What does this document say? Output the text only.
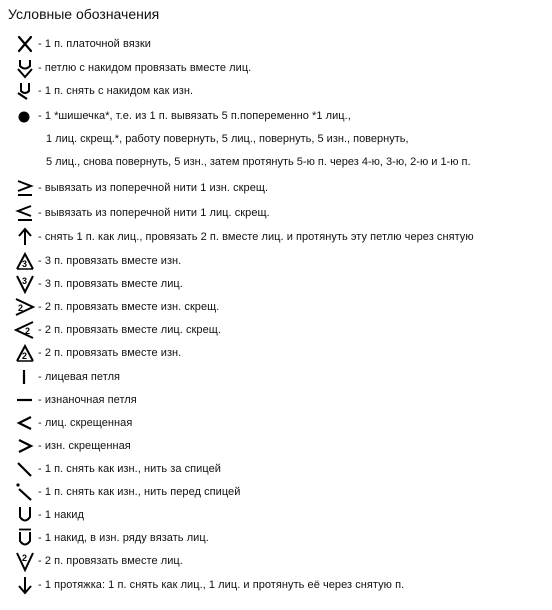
Условные обозначения
- 1 п. платочной вязки
- петлю с накидом провязать вместе лиц.
- 1 п. снять с накидом как изн.
- 1 *шишечка*, т.е. из 1 п. вывязать 5 п.попеременно *1 лиц.,
1 лиц. скрещ.*, работу повернуть, 5 лиц., повернуть, 5 изн., повернуть,
5 лиц., снова повернуть, 5 изн., затем протянуть 5-ю п. через 4-ю, 3-ю, 2-ю и 1-ю п.
- вывязать из поперечной нити 1 изн. скрещ.
- вывязать из поперечной нити 1 лиц. скрещ.
- снять 1 п. как лиц., провязать 2 п. вместе лиц. и протянуть эту петлю через снятую
3 - 3 п. провязать вместе изн.
3 - 3 п. провязать вместе лиц.
2 - 2 п. провязать вместе изн. скрещ.
2 - 2 п. провязать вместе лиц. скрещ.
2 - 2 п. провязать вместе изн.
- лицевая петля
- изнаночная петля
- лиц. скрещенная
- изн. скрещенная
- 1 п. снять как изн., нить за спицей
- 1 п. снять как изн., нить перед спицей
- 1 накид
- 1 накид, в изн. ряду вязать лиц.
2 - 2 п. провязать вместе лиц.
- 1 протяжка: 1 п. снять как лиц., 1 лиц. и протянуть её через снятую п.
